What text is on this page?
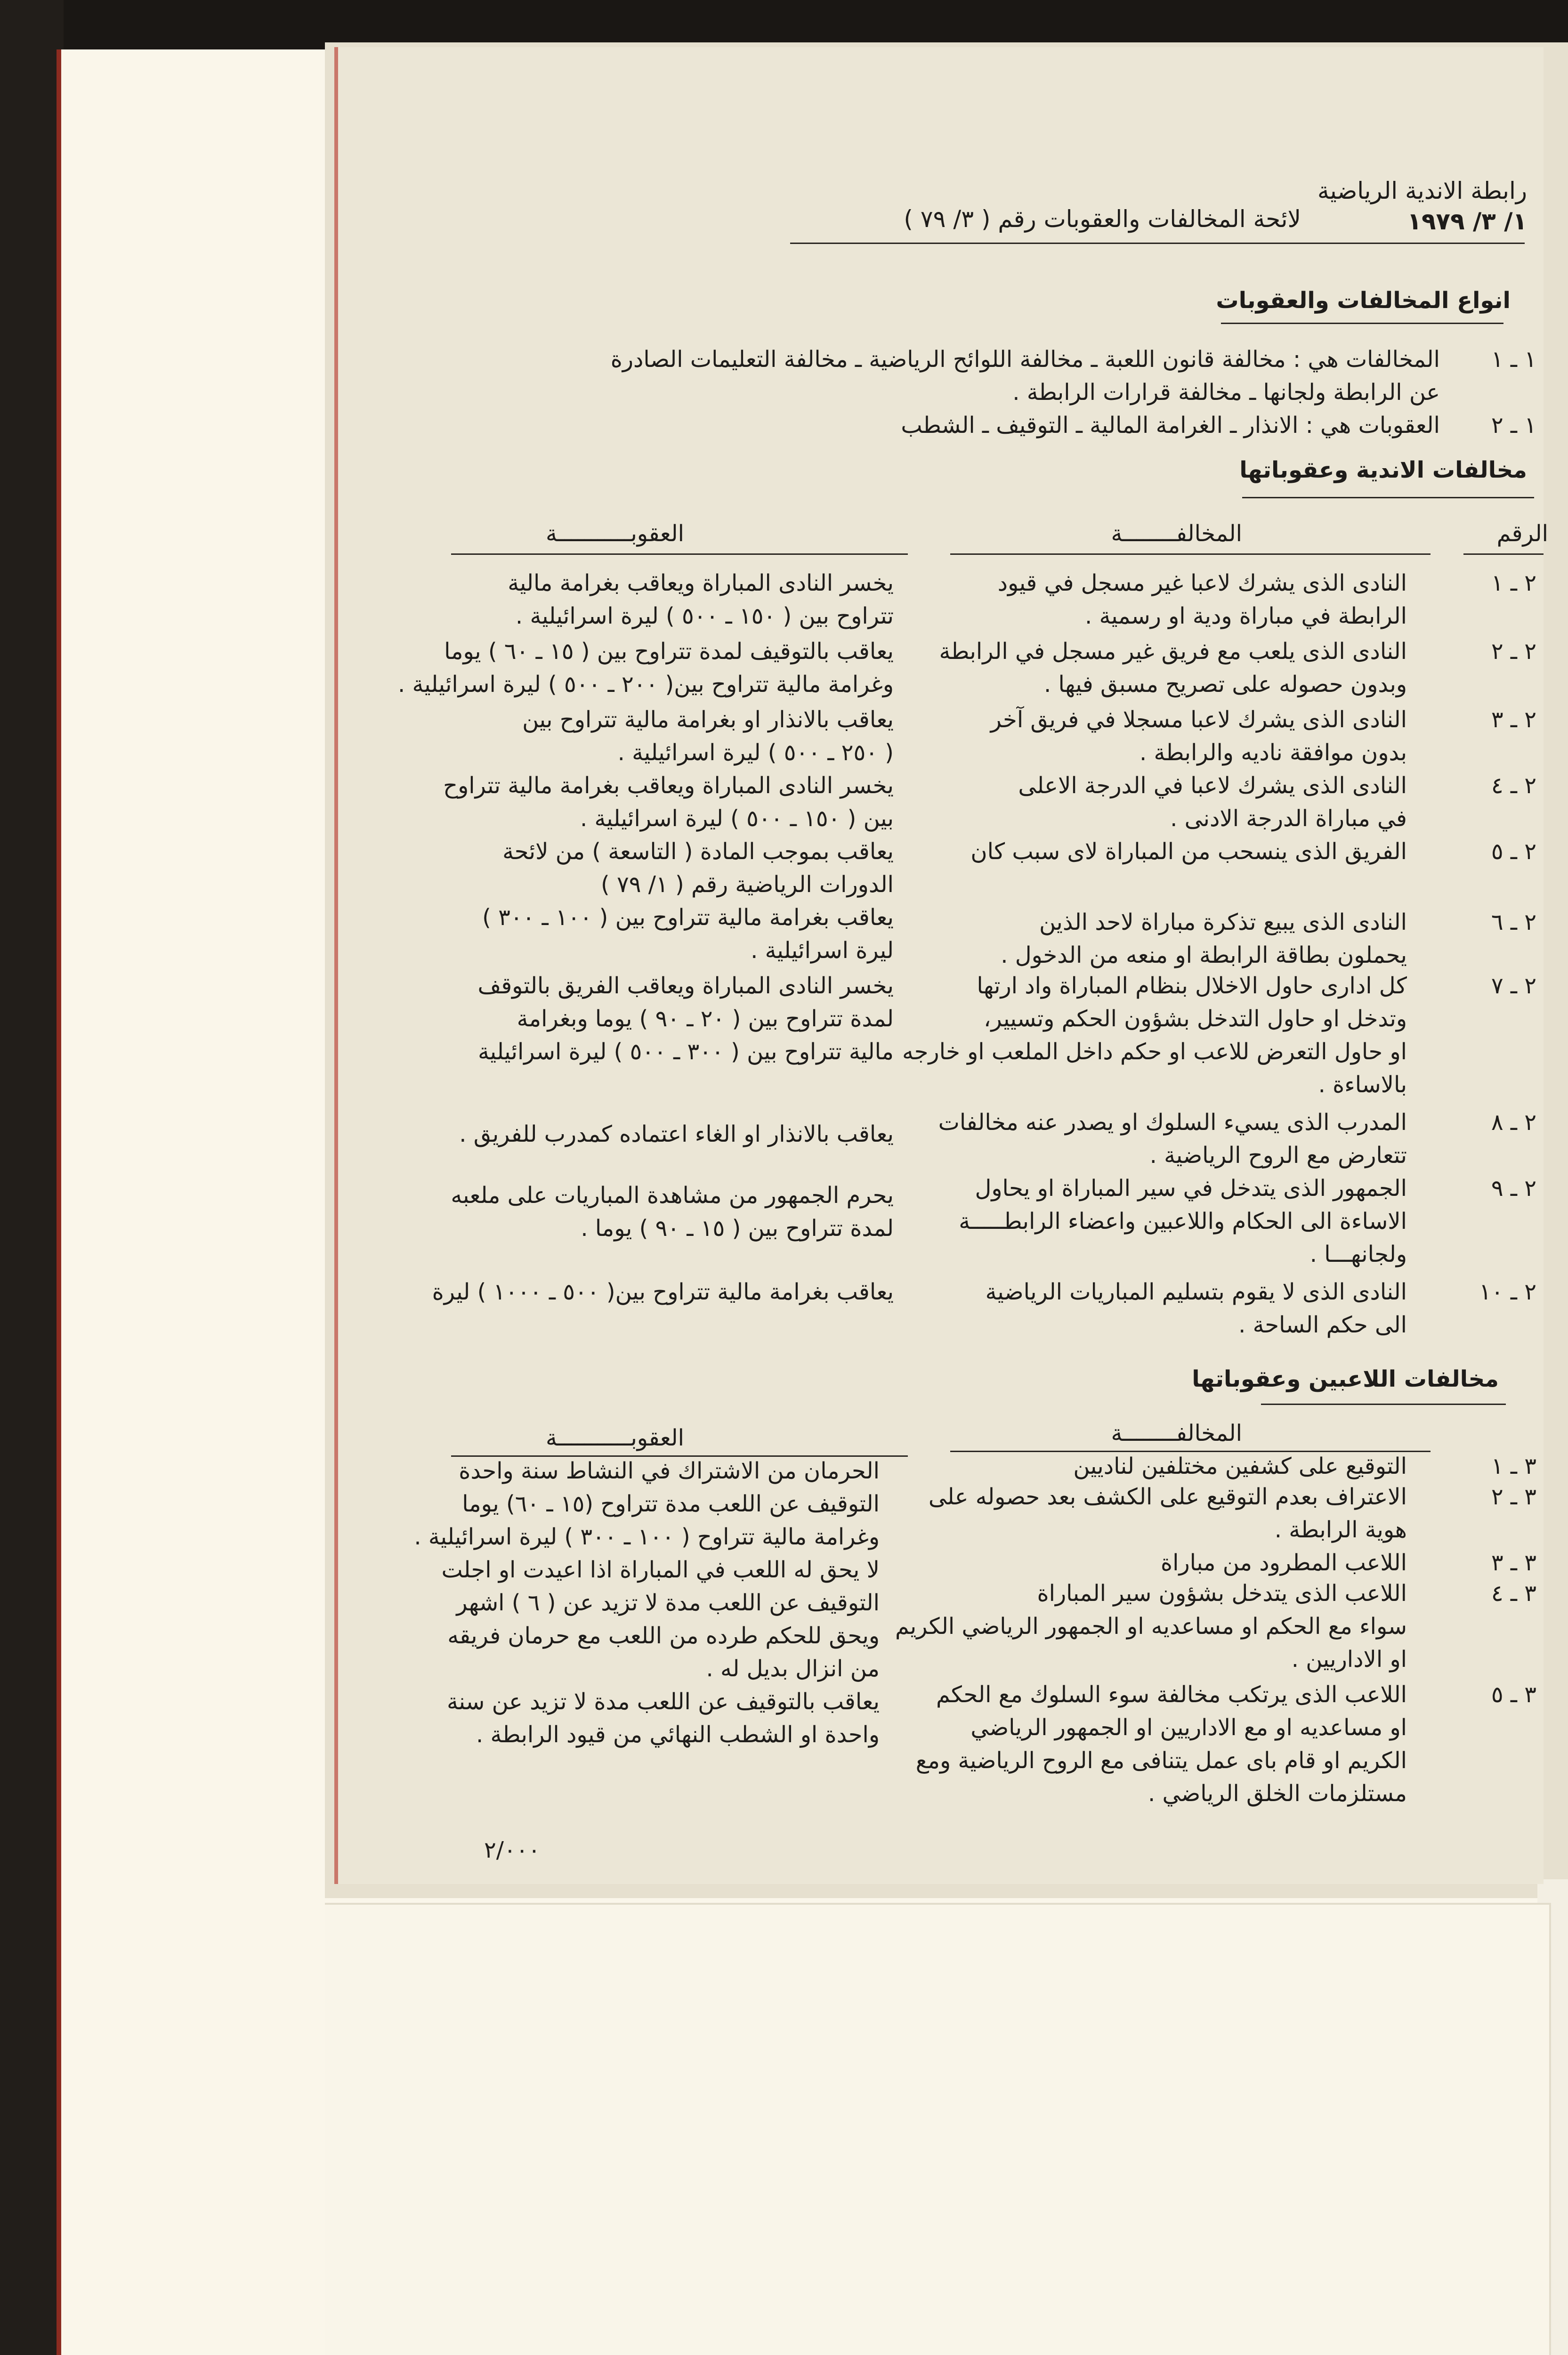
رابطة الاندية الرياضية
١/ ٣/ ١٩٧٩
لائحة المخالفات والعقوبات رقم ( ٣/ ٧٩ )
انواع المخالفات والعقوبات
١ ـ ١
المخالفات هي : مخالفة قانون اللعبة ـ مخالفة اللوائح الرياضية ـ مخالفة التعليمات الصادرة
عن الرابطة ولجانها ـ مخالفة قرارات الرابطة .
١ ـ ٢
العقوبات هي : الانذار ـ الغرامة المالية ـ التوقيف ـ الشطب
مخالفات الاندية وعقوباتها
الرقم
المخالفــــــــة
العقوبـــــــــــة
٢ ـ ١
النادى الذى يشرك لاعبا غير مسجل في قيود
الرابطة في مباراة ودية او رسمية .
يخسر النادى المباراة ويعاقب بغرامة مالية
تتراوح بين ( ١٥٠ ـ ٥٠٠ ) ليرة اسرائيلية .
٢ ـ ٢
النادى الذى يلعب مع فريق غير مسجل في الرابطة
وبدون حصوله على تصريح مسبق فيها .
يعاقب بالتوقيف لمدة تتراوح بين ( ١٥ ـ ٦٠ ) يوما
وغرامة مالية تتراوح بين( ٢٠٠ ـ ٥٠٠ ) ليرة اسرائيلية .
٢ ـ ٣
النادى الذى يشرك لاعبا مسجلا في فريق آخر
بدون موافقة ناديه والرابطة .
يعاقب بالانذار او بغرامة مالية تتراوح بين
( ٢٥٠ ـ ٥٠٠ ) ليرة اسرائيلية .
٢ ـ ٤
النادى الذى يشرك لاعبا في الدرجة الاعلى
في مباراة الدرجة الادنى .
يخسر النادى المباراة ويعاقب بغرامة مالية تتراوح
بين ( ١٥٠ ـ ٥٠٠ ) ليرة اسرائيلية .
٢ ـ ٥
الفريق الذى ينسحب من المباراة لاى سبب كان
يعاقب بموجب المادة ( التاسعة ) من لائحة
الدورات الرياضية رقم ( ١/ ٧٩ )
٢ ـ ٦
النادى الذى يبيع تذكرة مباراة لاحد الذين
يحملون بطاقة الرابطة او منعه من الدخول .
يعاقب بغرامة مالية تتراوح بين ( ١٠٠ ـ ٣٠٠ )
ليرة اسرائيلية .
٢ ـ ٧
كل ادارى حاول الاخلال بنظام المباراة واد ارتها
وتدخل او حاول التدخل بشؤون الحكم وتسيير،
او حاول التعرض للاعب او حكم داخل الملعب او خارجه
بالاساءة .
يخسر النادى المباراة ويعاقب الفريق بالتوقف
لمدة تتراوح بين ( ٢٠ ـ ٩٠ ) يوما وبغرامة
مالية تتراوح بين ( ٣٠٠ ـ ٥٠٠ ) ليرة اسرائيلية
٢ ـ ٨
المدرب الذى يسيء السلوك او يصدر عنه مخالفات
تتعارض مع الروح الرياضية .
يعاقب بالانذار او الغاء اعتماده كمدرب للفريق .
٢ ـ ٩
الجمهور الذى يتدخل في سير المباراة او يحاول
الاساءة الى الحكام واللاعبين واعضاء الرابطـــــة
ولجانهـــا .
يحرم الجمهور من مشاهدة المباريات على ملعبه
لمدة تتراوح بين ( ١٥ ـ ٩٠ ) يوما .
٢ ـ ١٠
النادى الذى لا يقوم بتسليم المباريات الرياضية
الى حكم الساحة .
يعاقب بغرامة مالية تتراوح بين( ٥٠٠ ـ ١٠٠٠ ) ليرة
مخالفات اللاعبين وعقوباتها
المخالفــــــــة
العقوبـــــــــــة
٣ ـ ١
التوقيع على كشفين مختلفين لناديين
الحرمان من الاشتراك في النشاط سنة واحدة
٣ ـ ٢
الاعتراف بعدم التوقيع على الكشف بعد حصوله على
هوية الرابطة .
التوقيف عن اللعب مدة تتراوح (١٥ ـ ٦٠) يوما
وغرامة مالية تتراوح ( ١٠٠ ـ ٣٠٠ ) ليرة اسرائيلية .
٣ ـ ٣
اللاعب المطرود من مباراة
لا يحق له اللعب في المباراة اذا اعيدت او اجلت
٣ ـ ٤
اللاعب الذى يتدخل بشؤون سير المباراة
سواء مع الحكم او مساعديه او الجمهور الرياضي الكريم
او الاداريين .
التوقيف عن اللعب مدة لا تزيد عن ( ٦ ) اشهر
ويحق للحكم طرده من اللعب مع حرمان فريقه
من انزال بديل له .
٣ ـ ٥
اللاعب الذى يرتكب مخالفة سوء السلوك مع الحكم
او مساعديه او مع الاداريين او الجمهور الرياضي
الكريم او قام باى عمل يتنافى مع الروح الرياضية ومع
مستلزمات الخلق الرياضي .
يعاقب بالتوقيف عن اللعب مدة لا تزيد عن سنة
واحدة او الشطب النهائي من قيود الرابطة .
٢/٠٠٠
